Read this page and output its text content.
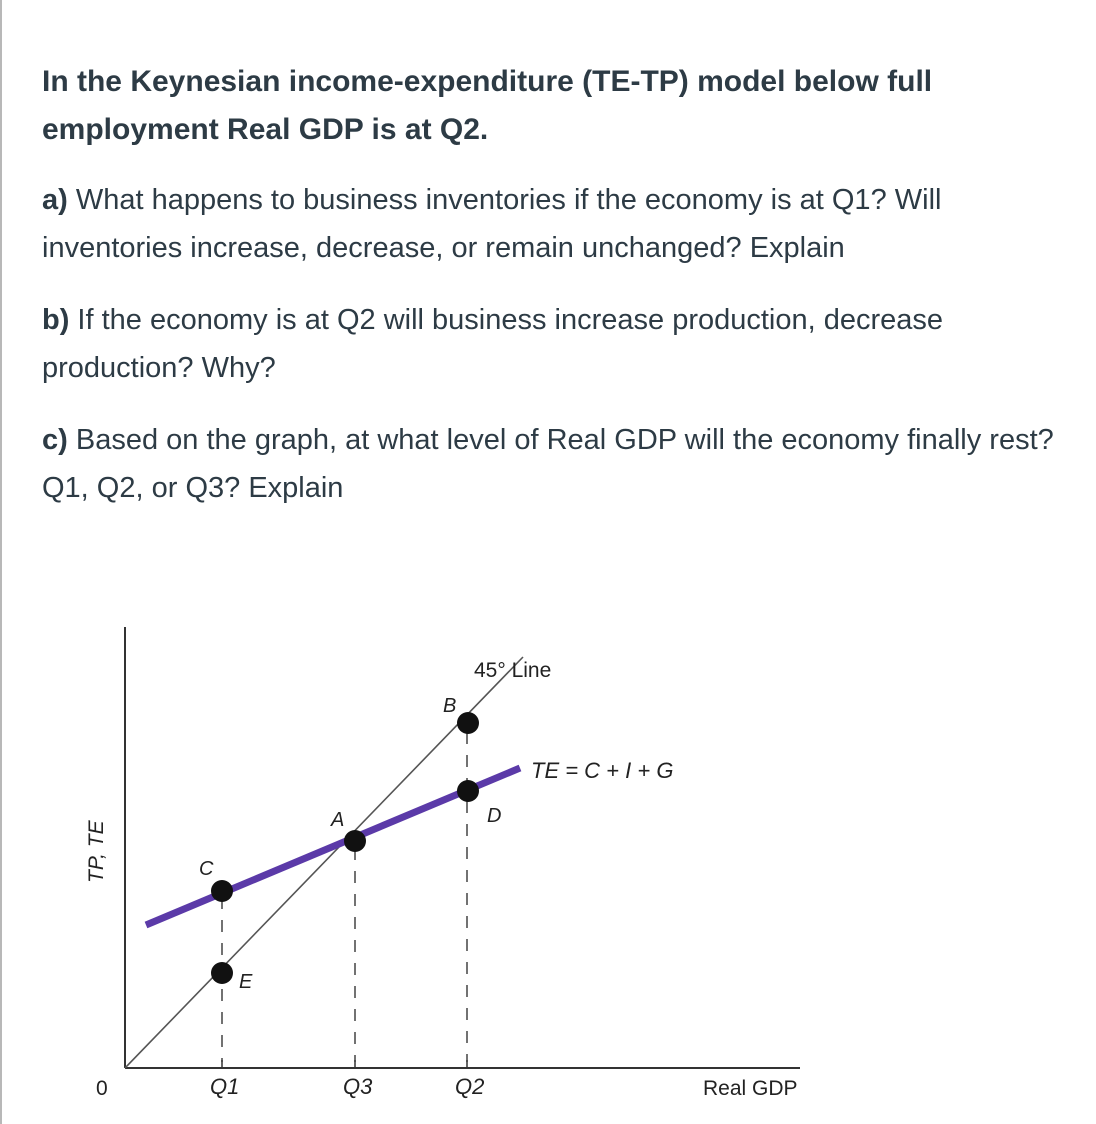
In the Keynesian income-expenditure (TE-TP) model below full employment Real GDP is at Q2.

a) What happens to business inventories if the economy is at Q1? Will inventories increase, decrease, or remain unchanged? Explain

b) If the economy is at Q2 will business increase production, decrease production? Why?

c) Based on the graph, at what level of Real GDP will the economy finally rest? Q1, Q2, or Q3? Explain

B
D
A
C
E
45° Line
TE = C + I + G
Real GDP
TP, TE
0	Q1	Q3	Q2
